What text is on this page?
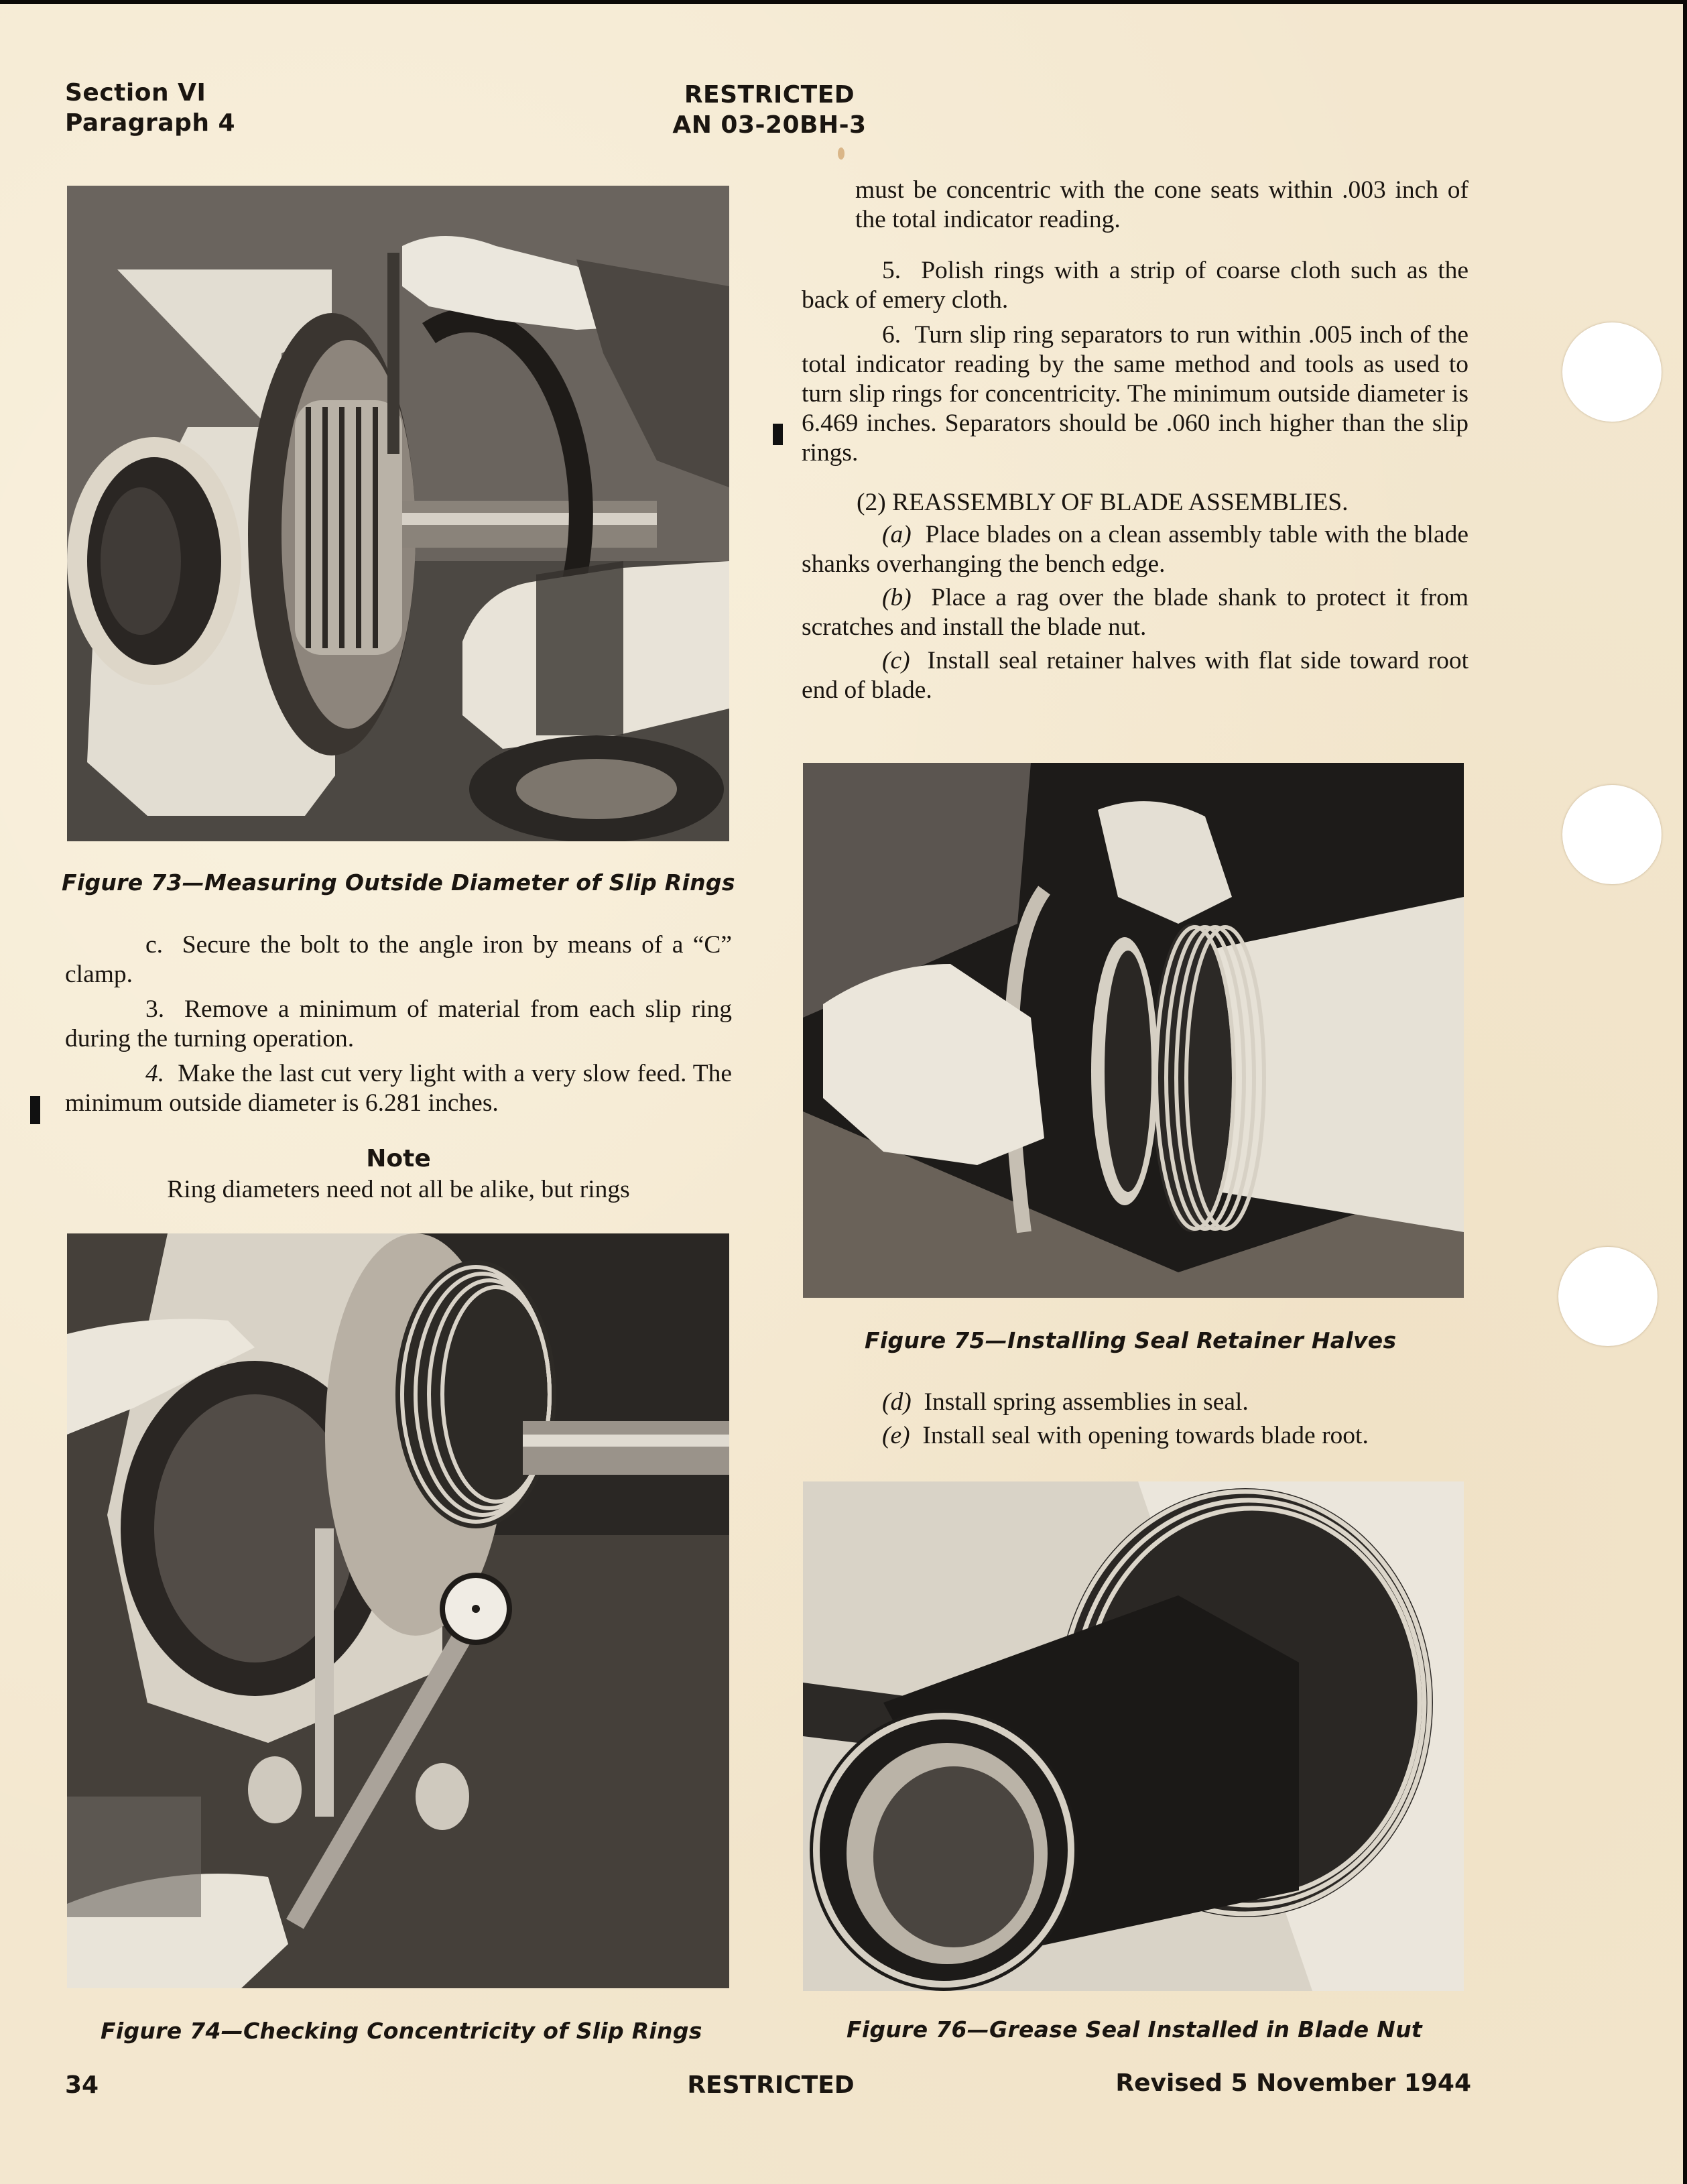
Section VI
Paragraph 4
RESTRICTED
AN 03-20BH-3
Figure 73—Measuring Outside Diameter of Slip Rings

c. Secure the bolt to the angle iron by means of a “C” clamp.

3. Remove a minimum of material from each slip ring during the turning operation.

4. Make the last cut very light with a very slow feed. The minimum outside diameter is 6.281 inches.

Note
Ring diameters need not all be alike, but rings
Figure 74—Checking Concentricity of Slip Rings

must be concentric with the cone seats within .003 inch of the total indicator reading.

5. Polish rings with a strip of coarse cloth such as the back of emery cloth.

6. Turn slip ring separators to run within .005 inch of the total indicator reading by the same method and tools as used to turn slip rings for concentricity. The minimum outside diameter is 6.469 inches. Separators should be .060 inch higher than the slip rings.

(2) REASSEMBLY OF BLADE ASSEMBLIES.

(a) Place blades on a clean assembly table with the blade shanks overhanging the bench edge.

(b) Place a rag over the blade shank to protect it from scratches and install the blade nut.

(c) Install seal retainer halves with flat side toward root end of blade.

Figure 75—Installing Seal Retainer Halves

(d) Install spring assemblies in seal.

(e) Install seal with opening towards blade root.

Figure 76—Grease Seal Installed in Blade Nut
34	RESTRICTED	Revised 5 November 1944
